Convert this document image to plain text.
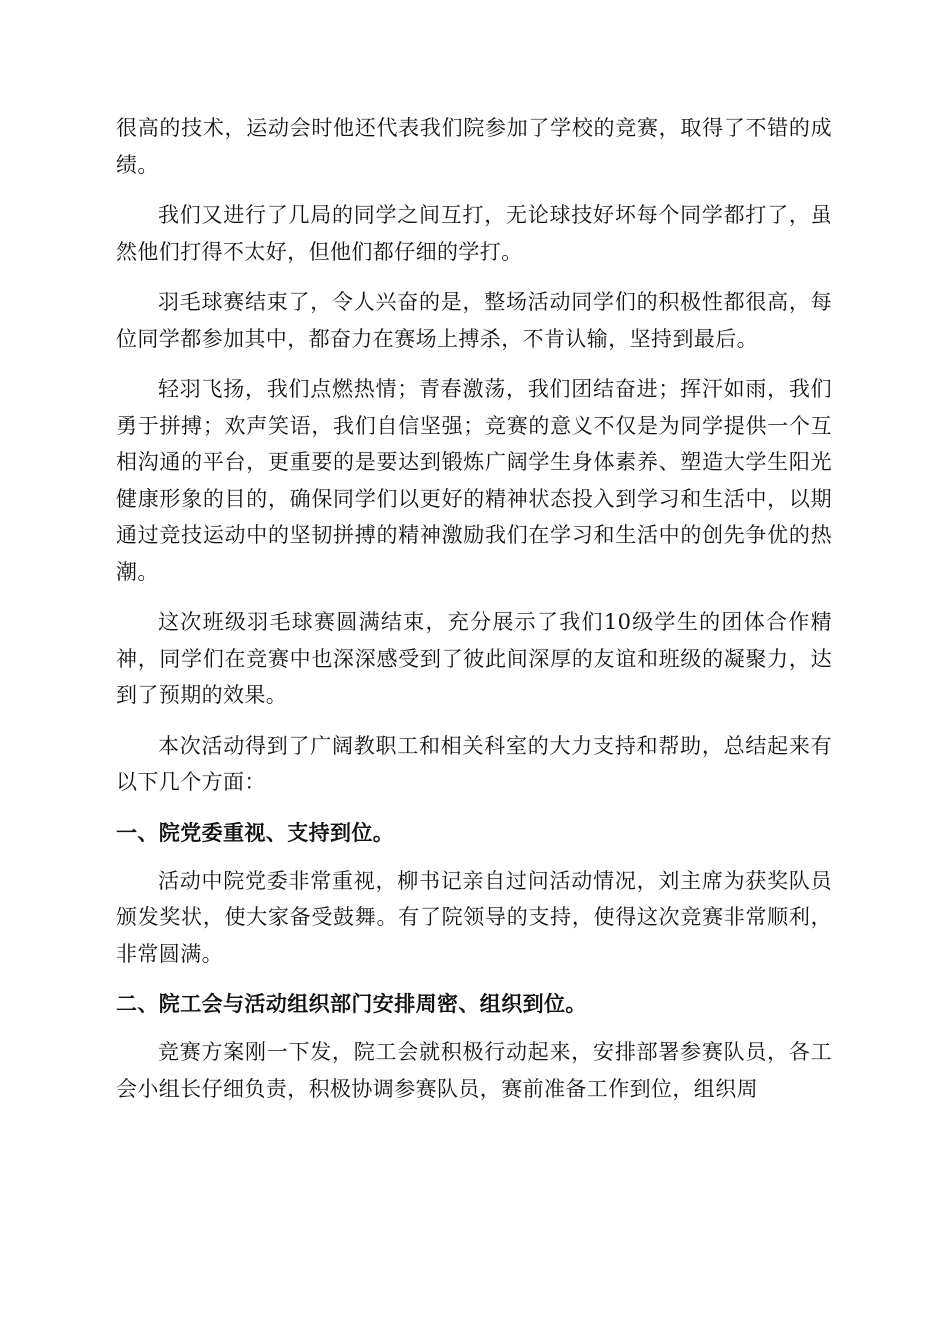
很高的技术，运动会时他还代表我们院参加了学校的竞赛，取得了不错的成绩。

我们又进行了几局的同学之间互打，无论球技好坏每个同学都打了，虽然他们打得不太好，但他们都仔细的学打。

羽毛球赛结束了，令人兴奋的是，整场活动同学们的积极性都很高，每位同学都参加其中，都奋力在赛场上搏杀，不肯认输，坚持到最后。

轻羽飞扬，我们点燃热情；青春激荡，我们团结奋进；挥汗如雨，我们勇于拼搏；欢声笑语，我们自信坚强；竞赛的意义不仅是为同学提供一个互相沟通的平台，更重要的是要达到锻炼广阔学生身体素养、塑造大学生阳光健康形象的目的，确保同学们以更好的精神状态投入到学习和生活中，以期通过竞技运动中的坚韧拼搏的精神激励我们在学习和生活中的创先争优的热潮。

这次班级羽毛球赛圆满结束，充分展示了我们10级学生的团体合作精神，同学们在竞赛中也深深感受到了彼此间深厚的友谊和班级的凝聚力，达到了预期的效果。

本次活动得到了广阔教职工和相关科室的大力支持和帮助，总结起来有以下几个方面：

一、院党委重视、支持到位。

活动中院党委非常重视，柳书记亲自过问活动情况，刘主席为获奖队员颁发奖状，使大家备受鼓舞。有了院领导的支持，使得这次竞赛非常顺利，非常圆满。

二、院工会与活动组织部门安排周密、组织到位。

竞赛方案刚一下发，院工会就积极行动起来，安排部署参赛队员，各工会小组长仔细负责，积极协调参赛队员，赛前准备工作到位，组织周
